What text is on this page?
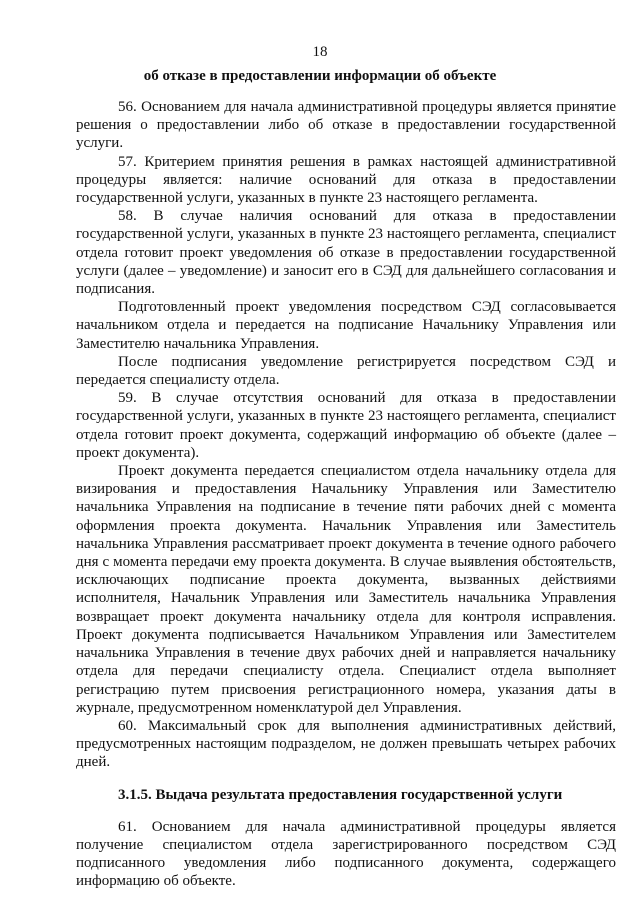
18
об отказе в предоставлении информации об объекте

56. Основанием для начала административной процедуры является принятие решения о предоставлении либо об отказе в предоставлении государственной услуги.

57. Критерием принятия решения в рамках настоящей административной процедуры является: наличие оснований для отказа в предоставлении государственной услуги, указанных в пункте 23 настоящего регламента.

58. В случае наличия оснований для отказа в предоставлении государственной услуги, указанных в пункте 23 настоящего регламента, специалист отдела готовит проект уведомления об отказе в предоставлении государственной услуги (далее – уведомление) и заносит его в СЭД для дальнейшего согласования и подписания.

Подготовленный проект уведомления посредством СЭД согласовывается начальником отдела и передается на подписание Начальнику Управления или Заместителю начальника Управления.

После подписания уведомление регистрируется посредством СЭД и передается специалисту отдела.

59. В случае отсутствия оснований для отказа в предоставлении государственной услуги, указанных в пункте 23 настоящего регламента, специалист отдела готовит проект документа, содержащий информацию об объекте (далее – проект документа).

Проект документа передается специалистом отдела начальнику отдела для визирования и предоставления Начальнику Управления или Заместителю начальника Управления на подписание в течение пяти рабочих дней с момента оформления проекта документа. Начальник Управления или Заместитель начальника Управления рассматривает проект документа в течение одного рабочего дня с момента передачи ему проекта документа. В случае выявления обстоятельств, исключающих подписание проекта документа, вызванных действиями исполнителя, Начальник Управления или Заместитель начальника Управления возвращает проект документа начальнику отдела для контроля исправления. Проект документа подписывается Начальником Управления или Заместителем начальника Управления в течение двух рабочих дней и направляется начальнику отдела для передачи специалисту отдела. Специалист отдела выполняет регистрацию путем присвоения регистрационного номера, указания даты в журнале, предусмотренном номенклатурой дел Управления.

60. Максимальный срок для выполнения административных действий, предусмотренных настоящим подразделом, не должен превышать четырех рабочих дней.

3.1.5. Выдача результата предоставления государственной услуги

61. Основанием для начала административной процедуры является получение специалистом отдела зарегистрированного посредством СЭД подписанного уведомления либо подписанного документа, содержащего информацию об объекте.
